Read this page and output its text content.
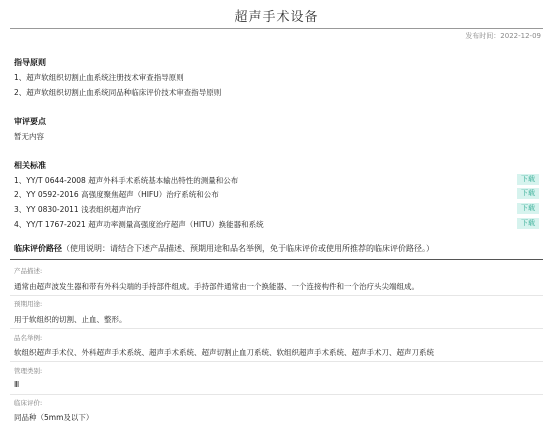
超声手术设备
发布时间：2022-12-09
指导原则
1、超声软组织切割止血系统注册技术审查指导原则
2、超声软组织切割止血系统同品种临床评价技术审查指导原则
审评要点
暂无内容
相关标准
1、YY/T 0644-2008 超声外科手术系统基本输出特性的测量和公布	下载
2、YY 0592-2016 高强度聚焦超声（HIFU）治疗系统和公布	下载
3、YY 0830-2011 浅表组织超声治疗	下载
4、YY/T 1767-2021 超声功率测量高强度治疗超声（HITU）换能器和系统	下载
临床评价路径（使用说明：请结合下述产品描述、预期用途和品名举例，免于临床评价或使用所推荐的临床评价路径。）
产品描述:
通常由超声波发生器和带有外科尖端的手持部件组成。手持部件通常由一个换能器、一个连接构件和一个治疗头尖端组成。
预期用途:
用于软组织的切割、止血、整形。
品名举例:
软组织超声手术仪、外科超声手术系统、超声手术系统、超声切割止血刀系统、软组织超声手术系统、超声手术刀、超声刀系统
管理类别:
Ⅲ
临床评价:
同品种（5mm及以下）
